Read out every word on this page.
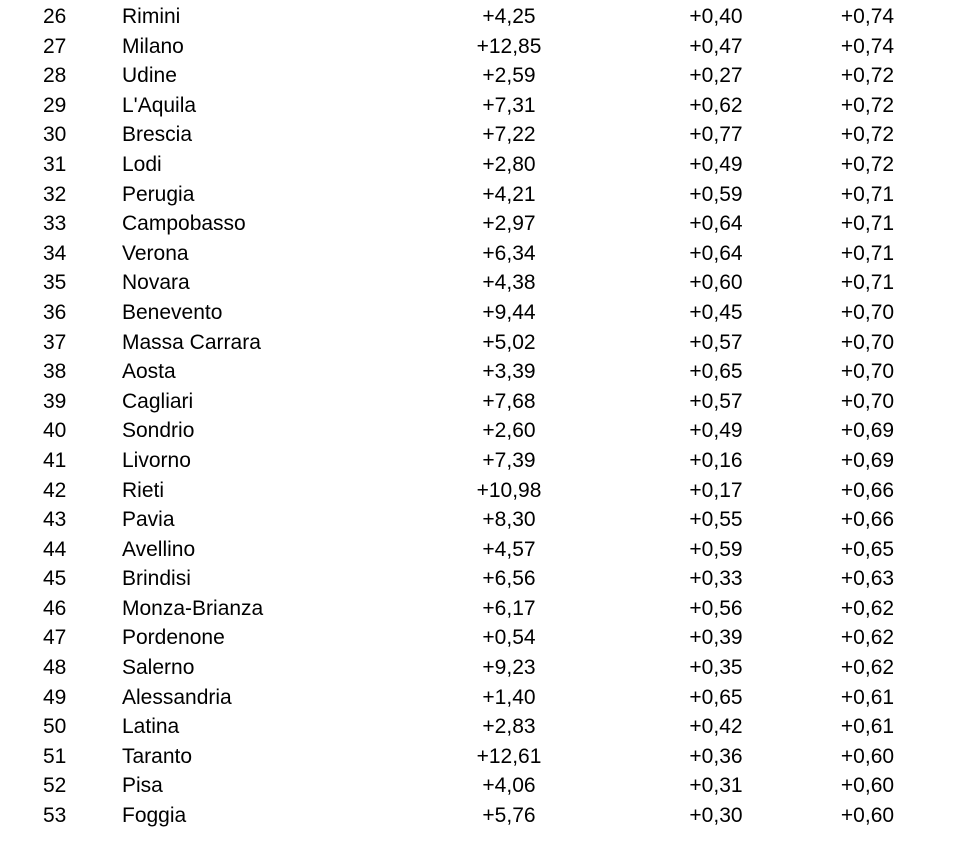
26	Rimini	+4,25	+0,40	+0,74
27	Milano	+12,85	+0,47	+0,74
28	Udine	+2,59	+0,27	+0,72
29	L'Aquila	+7,31	+0,62	+0,72
30	Brescia	+7,22	+0,77	+0,72
31	Lodi	+2,80	+0,49	+0,72
32	Perugia	+4,21	+0,59	+0,71
33	Campobasso	+2,97	+0,64	+0,71
34	Verona	+6,34	+0,64	+0,71
35	Novara	+4,38	+0,60	+0,71
36	Benevento	+9,44	+0,45	+0,70
37	Massa Carrara	+5,02	+0,57	+0,70
38	Aosta	+3,39	+0,65	+0,70
39	Cagliari	+7,68	+0,57	+0,70
40	Sondrio	+2,60	+0,49	+0,69
41	Livorno	+7,39	+0,16	+0,69
42	Rieti	+10,98	+0,17	+0,66
43	Pavia	+8,30	+0,55	+0,66
44	Avellino	+4,57	+0,59	+0,65
45	Brindisi	+6,56	+0,33	+0,63
46	Monza-Brianza	+6,17	+0,56	+0,62
47	Pordenone	+0,54	+0,39	+0,62
48	Salerno	+9,23	+0,35	+0,62
49	Alessandria	+1,40	+0,65	+0,61
50	Latina	+2,83	+0,42	+0,61
51	Taranto	+12,61	+0,36	+0,60
52	Pisa	+4,06	+0,31	+0,60
53	Foggia	+5,76	+0,30	+0,60
